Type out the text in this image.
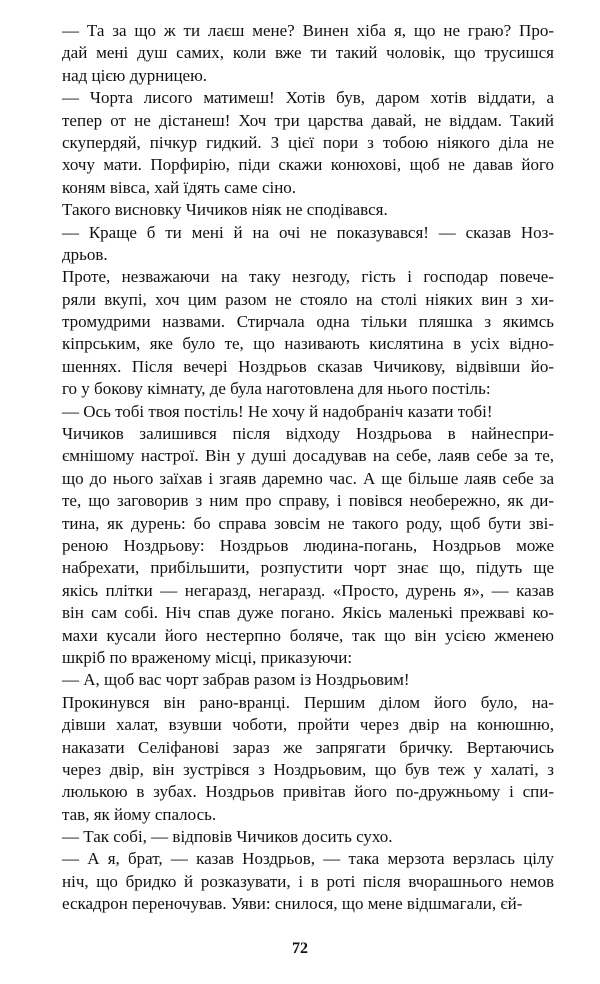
— Та за що ж ти лаєш мене? Винен хіба я, що не граю? Про-
дай мені душ самих, коли вже ти такий чоловік, що трусишся
над цією дурницею.
— Чорта лисого матимеш! Хотів був, даром хотів віддати, а
тепер от не дістанеш! Хоч три царства давай, не віддам. Такий
скупердяй, пічкур гидкий. З цієї пори з тобою ніякого діла не
хочу мати. Порфирію, піди скажи конюхові, щоб не давав його
коням вівса, хай їдять саме сіно.
Такого висновку Чичиков ніяк не сподівався.
— Краще б ти мені й на очі не показувався! — сказав Ноз-
дрьов.
Проте, незважаючи на таку незгоду, гість і господар повече-
ряли вкупі, хоч цим разом не стояло на столі ніяких вин з хи-
тромудрими назвами. Стирчала одна тільки пляшка з якимсь
кіпрським, яке було те, що називають кислятина в усіх відно-
шеннях. Після вечері Ноздрьов сказав Чичикову, відвівши йо-
го у бокову кімнату, де була наготовлена для нього постіль:
— Ось тобі твоя постіль! Не хочу й надобраніч казати тобі!
Чичиков залишився після відходу Ноздрьова в найнеспри-
ємнішому настрої. Він у душі досадував на себе, лаяв себе за те,
що до нього заїхав і згаяв даремно час. А ще більше лаяв себе за
те, що заговорив з ним про справу, і повівся необережно, як ди-
тина, як дурень: бо справа зовсім не такого роду, щоб бути зві-
реною Ноздрьову: Ноздрьов людина-погань, Ноздрьов може
набрехати, прибільшити, розпустити чорт знає що, підуть ще
якісь плітки — негаразд, негаразд. «Просто, дурень я», — казав
він сам собі. Ніч спав дуже погано. Якісь маленькі прежваві ко-
махи кусали його нестерпно боляче, так що він усією жменею
шкріб по враженому місці, приказуючи:
— А, щоб вас чорт забрав разом із Ноздрьовим!
Прокинувся він рано-вранці. Першим ділом його було, на-
дівши халат, взувши чоботи, пройти через двір на конюшню,
наказати Селіфанові зараз же запрягати бричку. Вертаючись
через двір, він зустрівся з Ноздрьовим, що був теж у халаті, з
люлькою в зубах. Ноздрьов привітав його по-дружньому і спи-
тав, як йому спалось.
— Так собі, — відповів Чичиков досить сухо.
— А я, брат, — казав Ноздрьов, — така мерзота верзлась цілу
ніч, що бридко й розказувати, і в роті після вчорашнього немов
ескадрон переночував. Уяви: снилося, що мене відшмагали, єй-
72
